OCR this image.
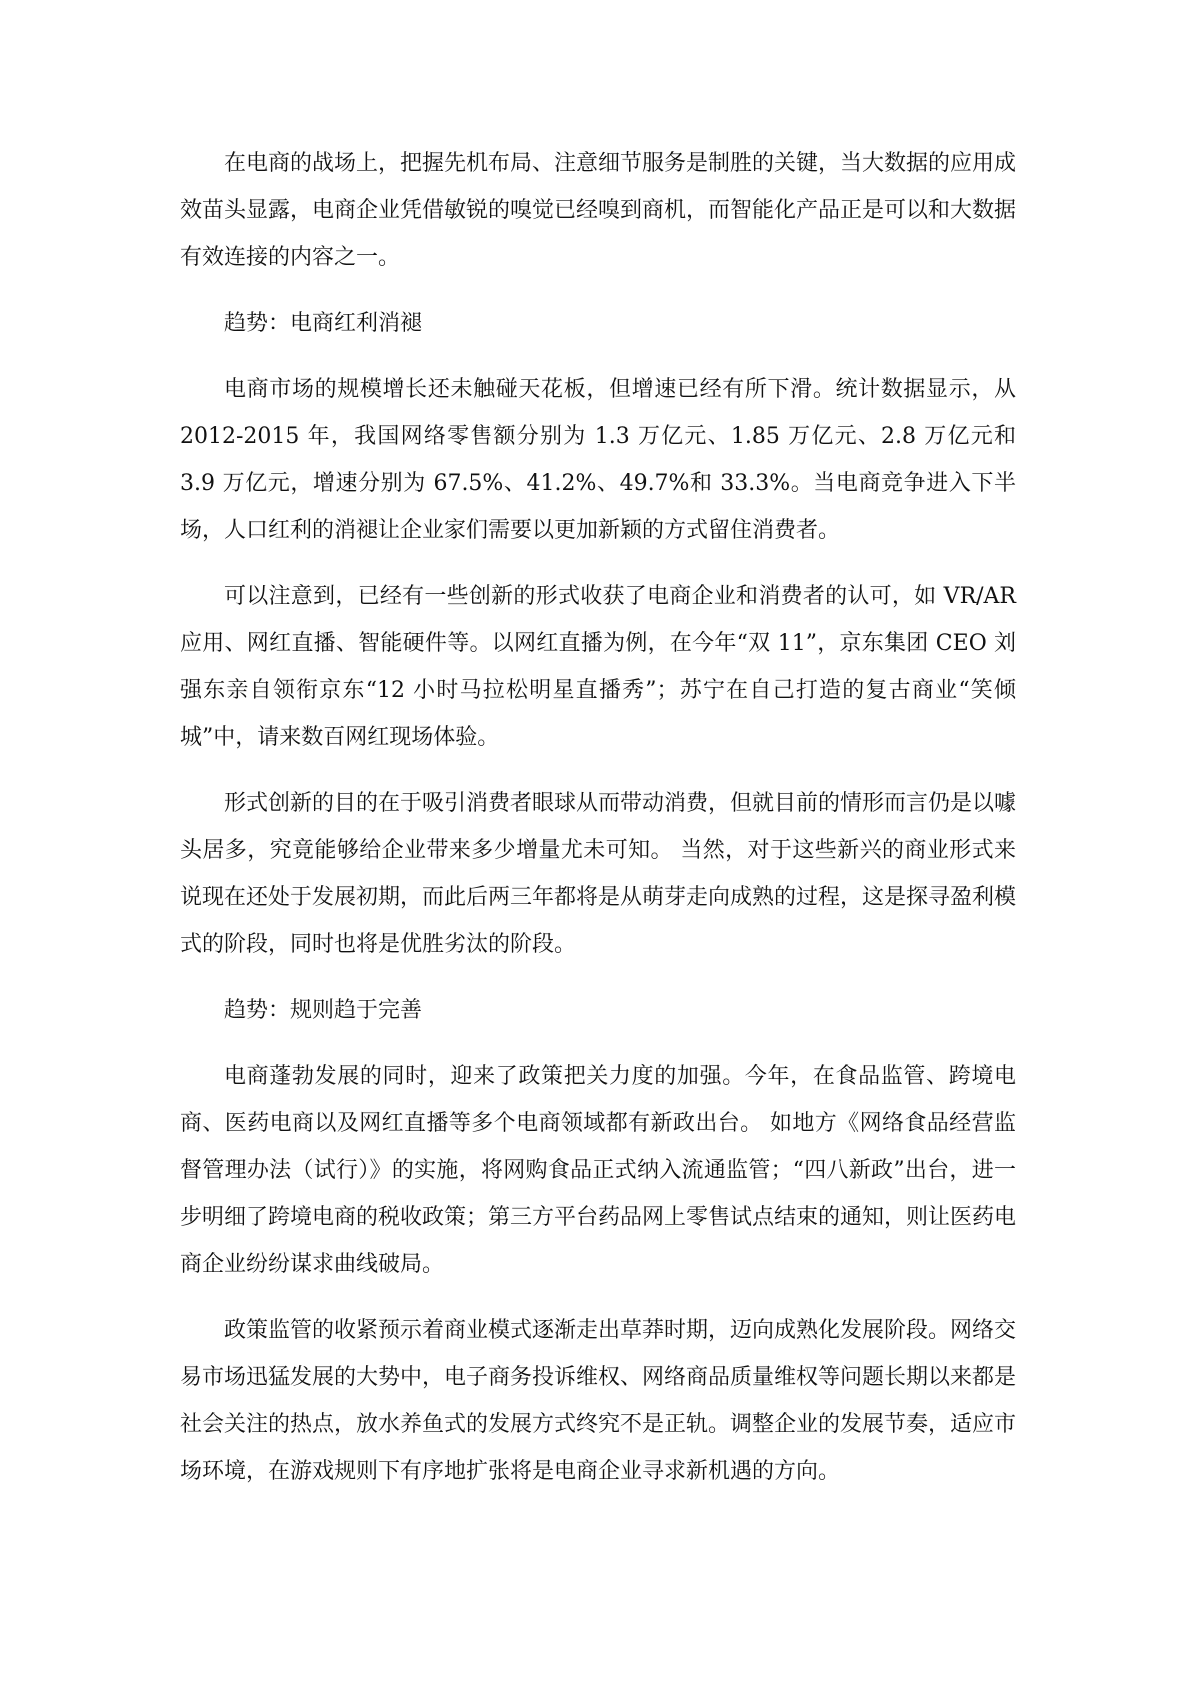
在电商的战场上，把握先机布局、注意细节服务是制胜的关键，当大数据的应用成效苗头显露，电商企业凭借敏锐的嗅觉已经嗅到商机，而智能化产品正是可以和大数据有效连接的内容之一。

趋势：电商红利消褪

电商市场的规模增长还未触碰天花板，但增速已经有所下滑。统计数据显示，从 2012-2015 年，我国网络零售额分别为 1.3 万亿元、1.85 万亿元、2.8 万亿元和 3.9 万亿元，增速分别为 67.5%、41.2%、49.7%和 33.3%。当电商竞争进入下半场，人口红利的消褪让企业家们需要以更加新颖的方式留住消费者。

可以注意到，已经有一些创新的形式收获了电商企业和消费者的认可，如 VR/AR 应用、网红直播、智能硬件等。以网红直播为例，在今年“双 11”，京东集团 CEO 刘强东亲自领衔京东“12 小时马拉松明星直播秀”；苏宁在自己打造的复古商业“笑倾城”中，请来数百网红现场体验。

形式创新的目的在于吸引消费者眼球从而带动消费，但就目前的情形而言仍是以噱头居多，究竟能够给企业带来多少增量尤未可知。 当然，对于这些新兴的商业形式来说现在还处于发展初期，而此后两三年都将是从萌芽走向成熟的过程，这是探寻盈利模式的阶段，同时也将是优胜劣汰的阶段。

趋势：规则趋于完善

电商蓬勃发展的同时，迎来了政策把关力度的加强。今年，在食品监管、跨境电商、医药电商以及网红直播等多个电商领域都有新政出台。 如地方《网络食品经营监督管理办法（试行）》的实施，将网购食品正式纳入流通监管；“四八新政”出台，进一步明细了跨境电商的税收政策；第三方平台药品网上零售试点结束的通知，则让医药电商企业纷纷谋求曲线破局。

政策监管的收紧预示着商业模式逐渐走出草莽时期，迈向成熟化发展阶段。网络交易市场迅猛发展的大势中，电子商务投诉维权、网络商品质量维权等问题长期以来都是社会关注的热点，放水养鱼式的发展方式终究不是正轨。调整企业的发展节奏，适应市场环境，在游戏规则下有序地扩张将是电商企业寻求新机遇的方向。
